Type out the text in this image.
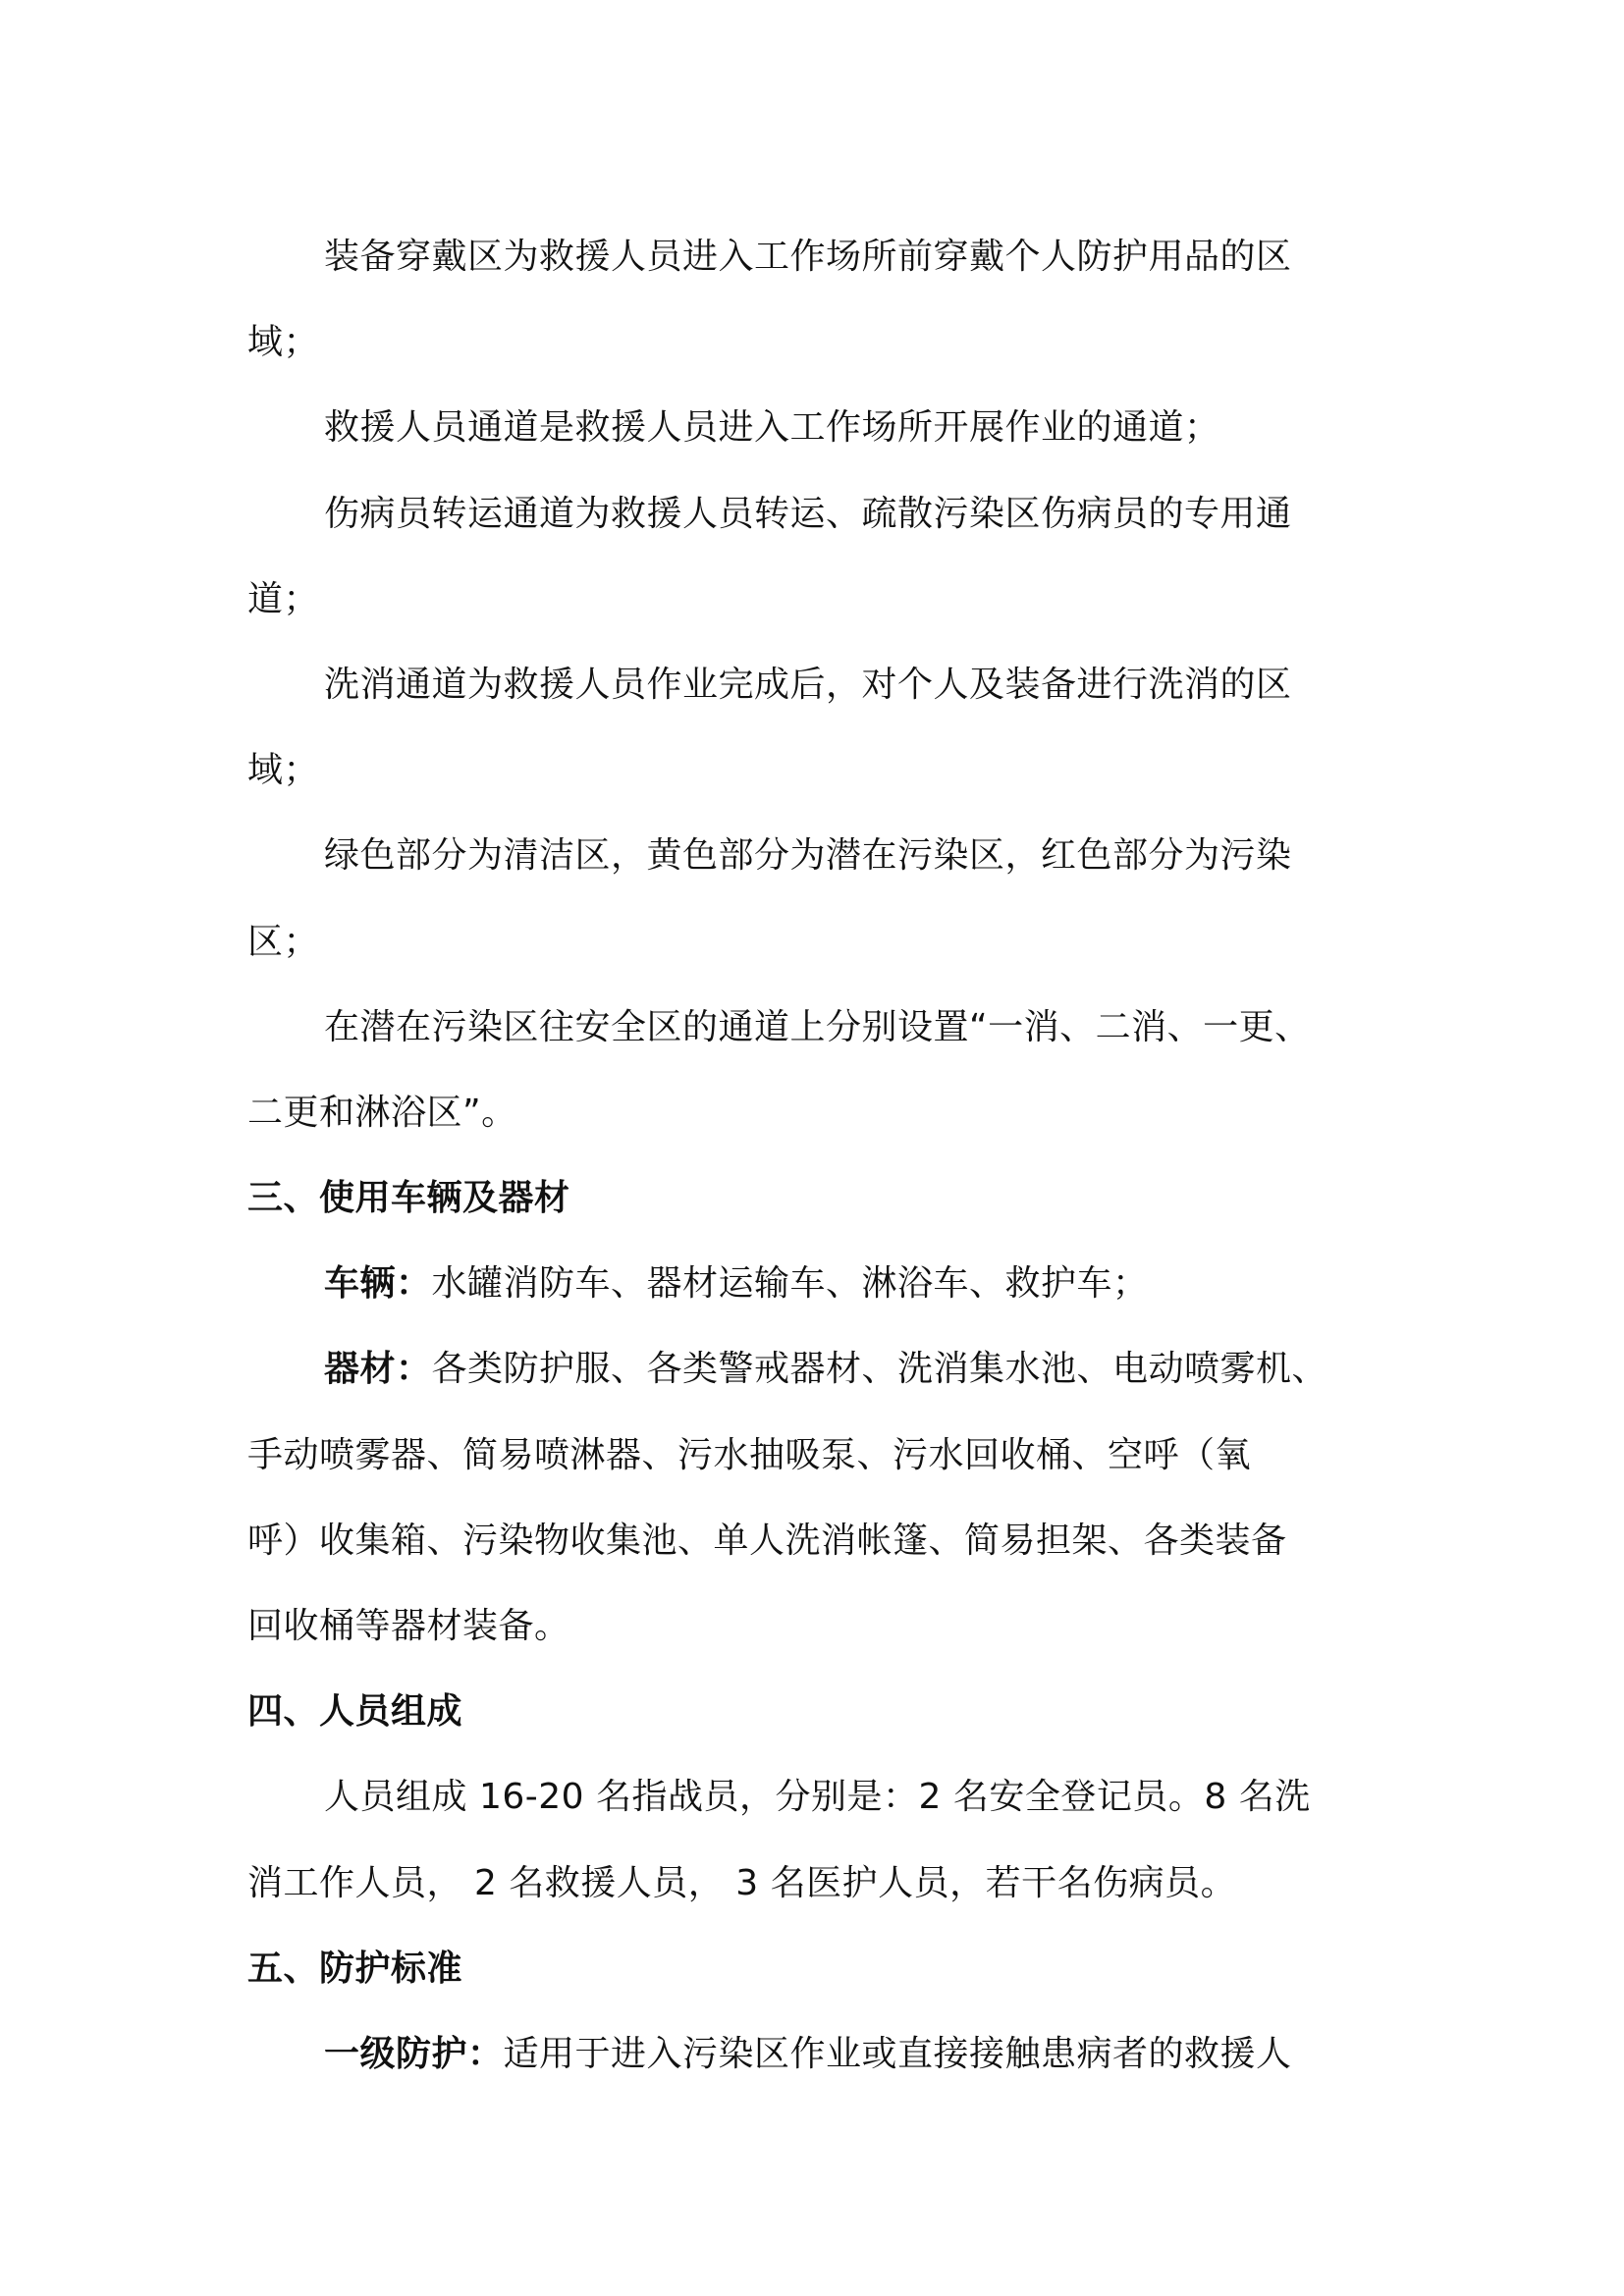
装备穿戴区为救援人员进入工作场所前穿戴个人防护用品的区
域；
救援人员通道是救援人员进入工作场所开展作业的通道；
伤病员转运通道为救援人员转运、疏散污染区伤病员的专用通
道；
洗消通道为救援人员作业完成后，对个人及装备进行洗消的区
域；
绿色部分为清洁区，黄色部分为潜在污染区，红色部分为污染
区；
在潜在污染区往安全区的通道上分别设置“一消、二消、一更、
二更和淋浴区”。
三、使用车辆及器材
车辆：水罐消防车、器材运输车、淋浴车、救护车；
器材：各类防护服、各类警戒器材、洗消集水池、电动喷雾机、
手动喷雾器、简易喷淋器、污水抽吸泵、污水回收桶、空呼（氧
呼）收集箱、污染物收集池、单人洗消帐篷、简易担架、各类装备
回收桶等器材装备。
四、人员组成
人员组成 16-20 名指战员，分别是：2 名安全登记员。8 名洗
消工作人员， 2 名救援人员， 3 名医护人员，若干名伤病员。
五、防护标准
一级防护：适用于进入污染区作业或直接接触患病者的救援人
